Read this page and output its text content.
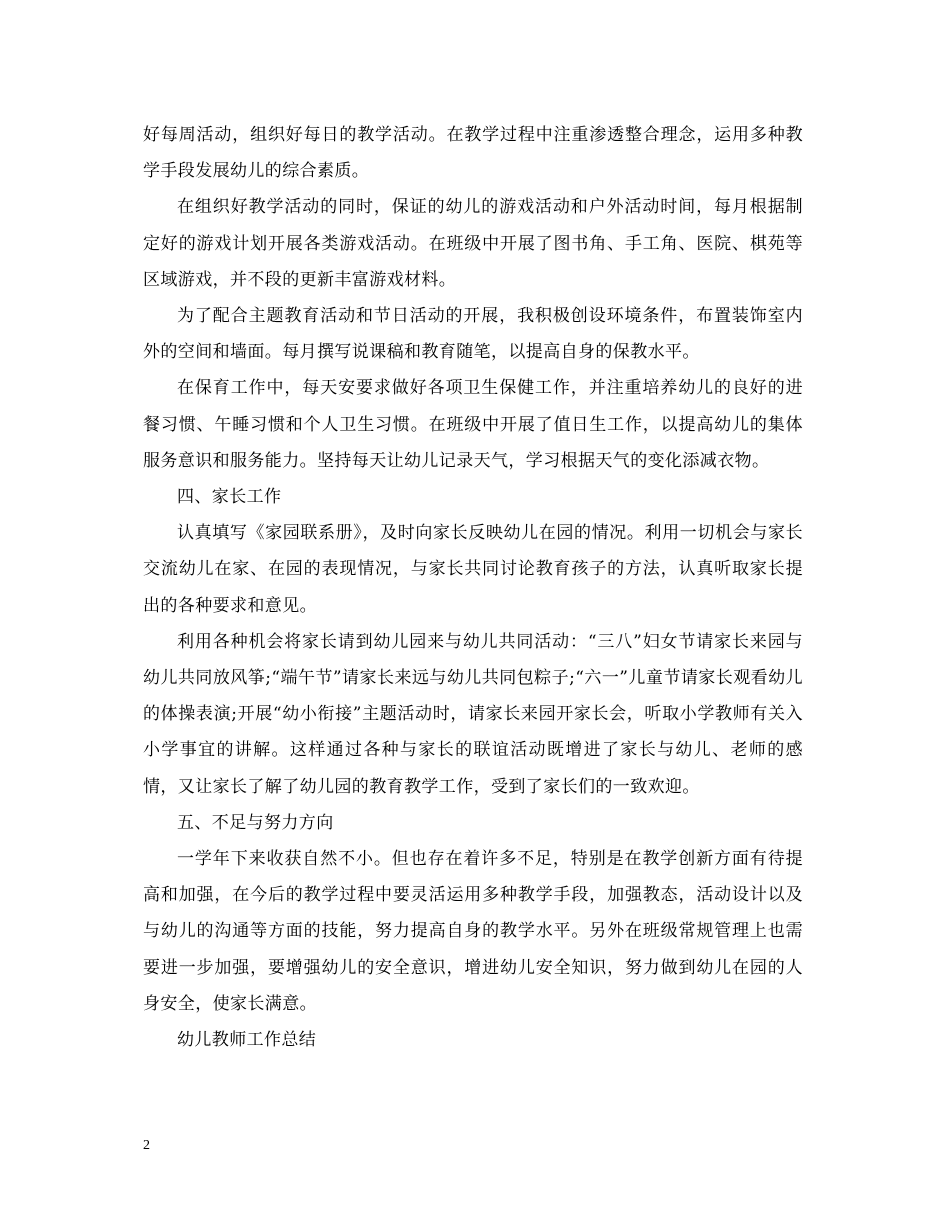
好每周活动，组织好每日的教学活动。在教学过程中注重渗透整合理念，运用多种教学手段发展幼儿的综合素质。

在组织好教学活动的同时，保证的幼儿的游戏活动和户外活动时间，每月根据制定好的游戏计划开展各类游戏活动。在班级中开展了图书角、手工角、医院、棋苑等区域游戏，并不段的更新丰富游戏材料。

为了配合主题教育活动和节日活动的开展，我积极创设环境条件，布置装饰室内外的空间和墙面。每月撰写说课稿和教育随笔，以提高自身的保教水平。

在保育工作中，每天安要求做好各项卫生保健工作，并注重培养幼儿的良好的进餐习惯、午睡习惯和个人卫生习惯。在班级中开展了值日生工作，以提高幼儿的集体服务意识和服务能力。坚持每天让幼儿记录天气，学习根据天气的变化添减衣物。

四、家长工作

认真填写《家园联系册》，及时向家长反映幼儿在园的情况。利用一切机会与家长交流幼儿在家、在园的表现情况，与家长共同讨论教育孩子的方法，认真听取家长提出的各种要求和意见。

利用各种机会将家长请到幼儿园来与幼儿共同活动：“三八”妇女节请家长来园与幼儿共同放风筝;“端午节”请家长来远与幼儿共同包粽子;“六一”儿童节请家长观看幼儿的体操表演;开展“幼小衔接”主题活动时，请家长来园开家长会，听取小学教师有关入小学事宜的讲解。这样通过各种与家长的联谊活动既增进了家长与幼儿、老师的感情，又让家长了解了幼儿园的教育教学工作，受到了家长们的一致欢迎。

五、不足与努力方向

一学年下来收获自然不小。但也存在着许多不足，特别是在教学创新方面有待提高和加强，在今后的教学过程中要灵活运用多种教学手段，加强教态，活动设计以及与幼儿的沟通等方面的技能，努力提高自身的教学水平。另外在班级常规管理上也需要进一步加强，要增强幼儿的安全意识，增进幼儿安全知识，努力做到幼儿在园的人身安全，使家长满意。

幼儿教师工作总结

2
